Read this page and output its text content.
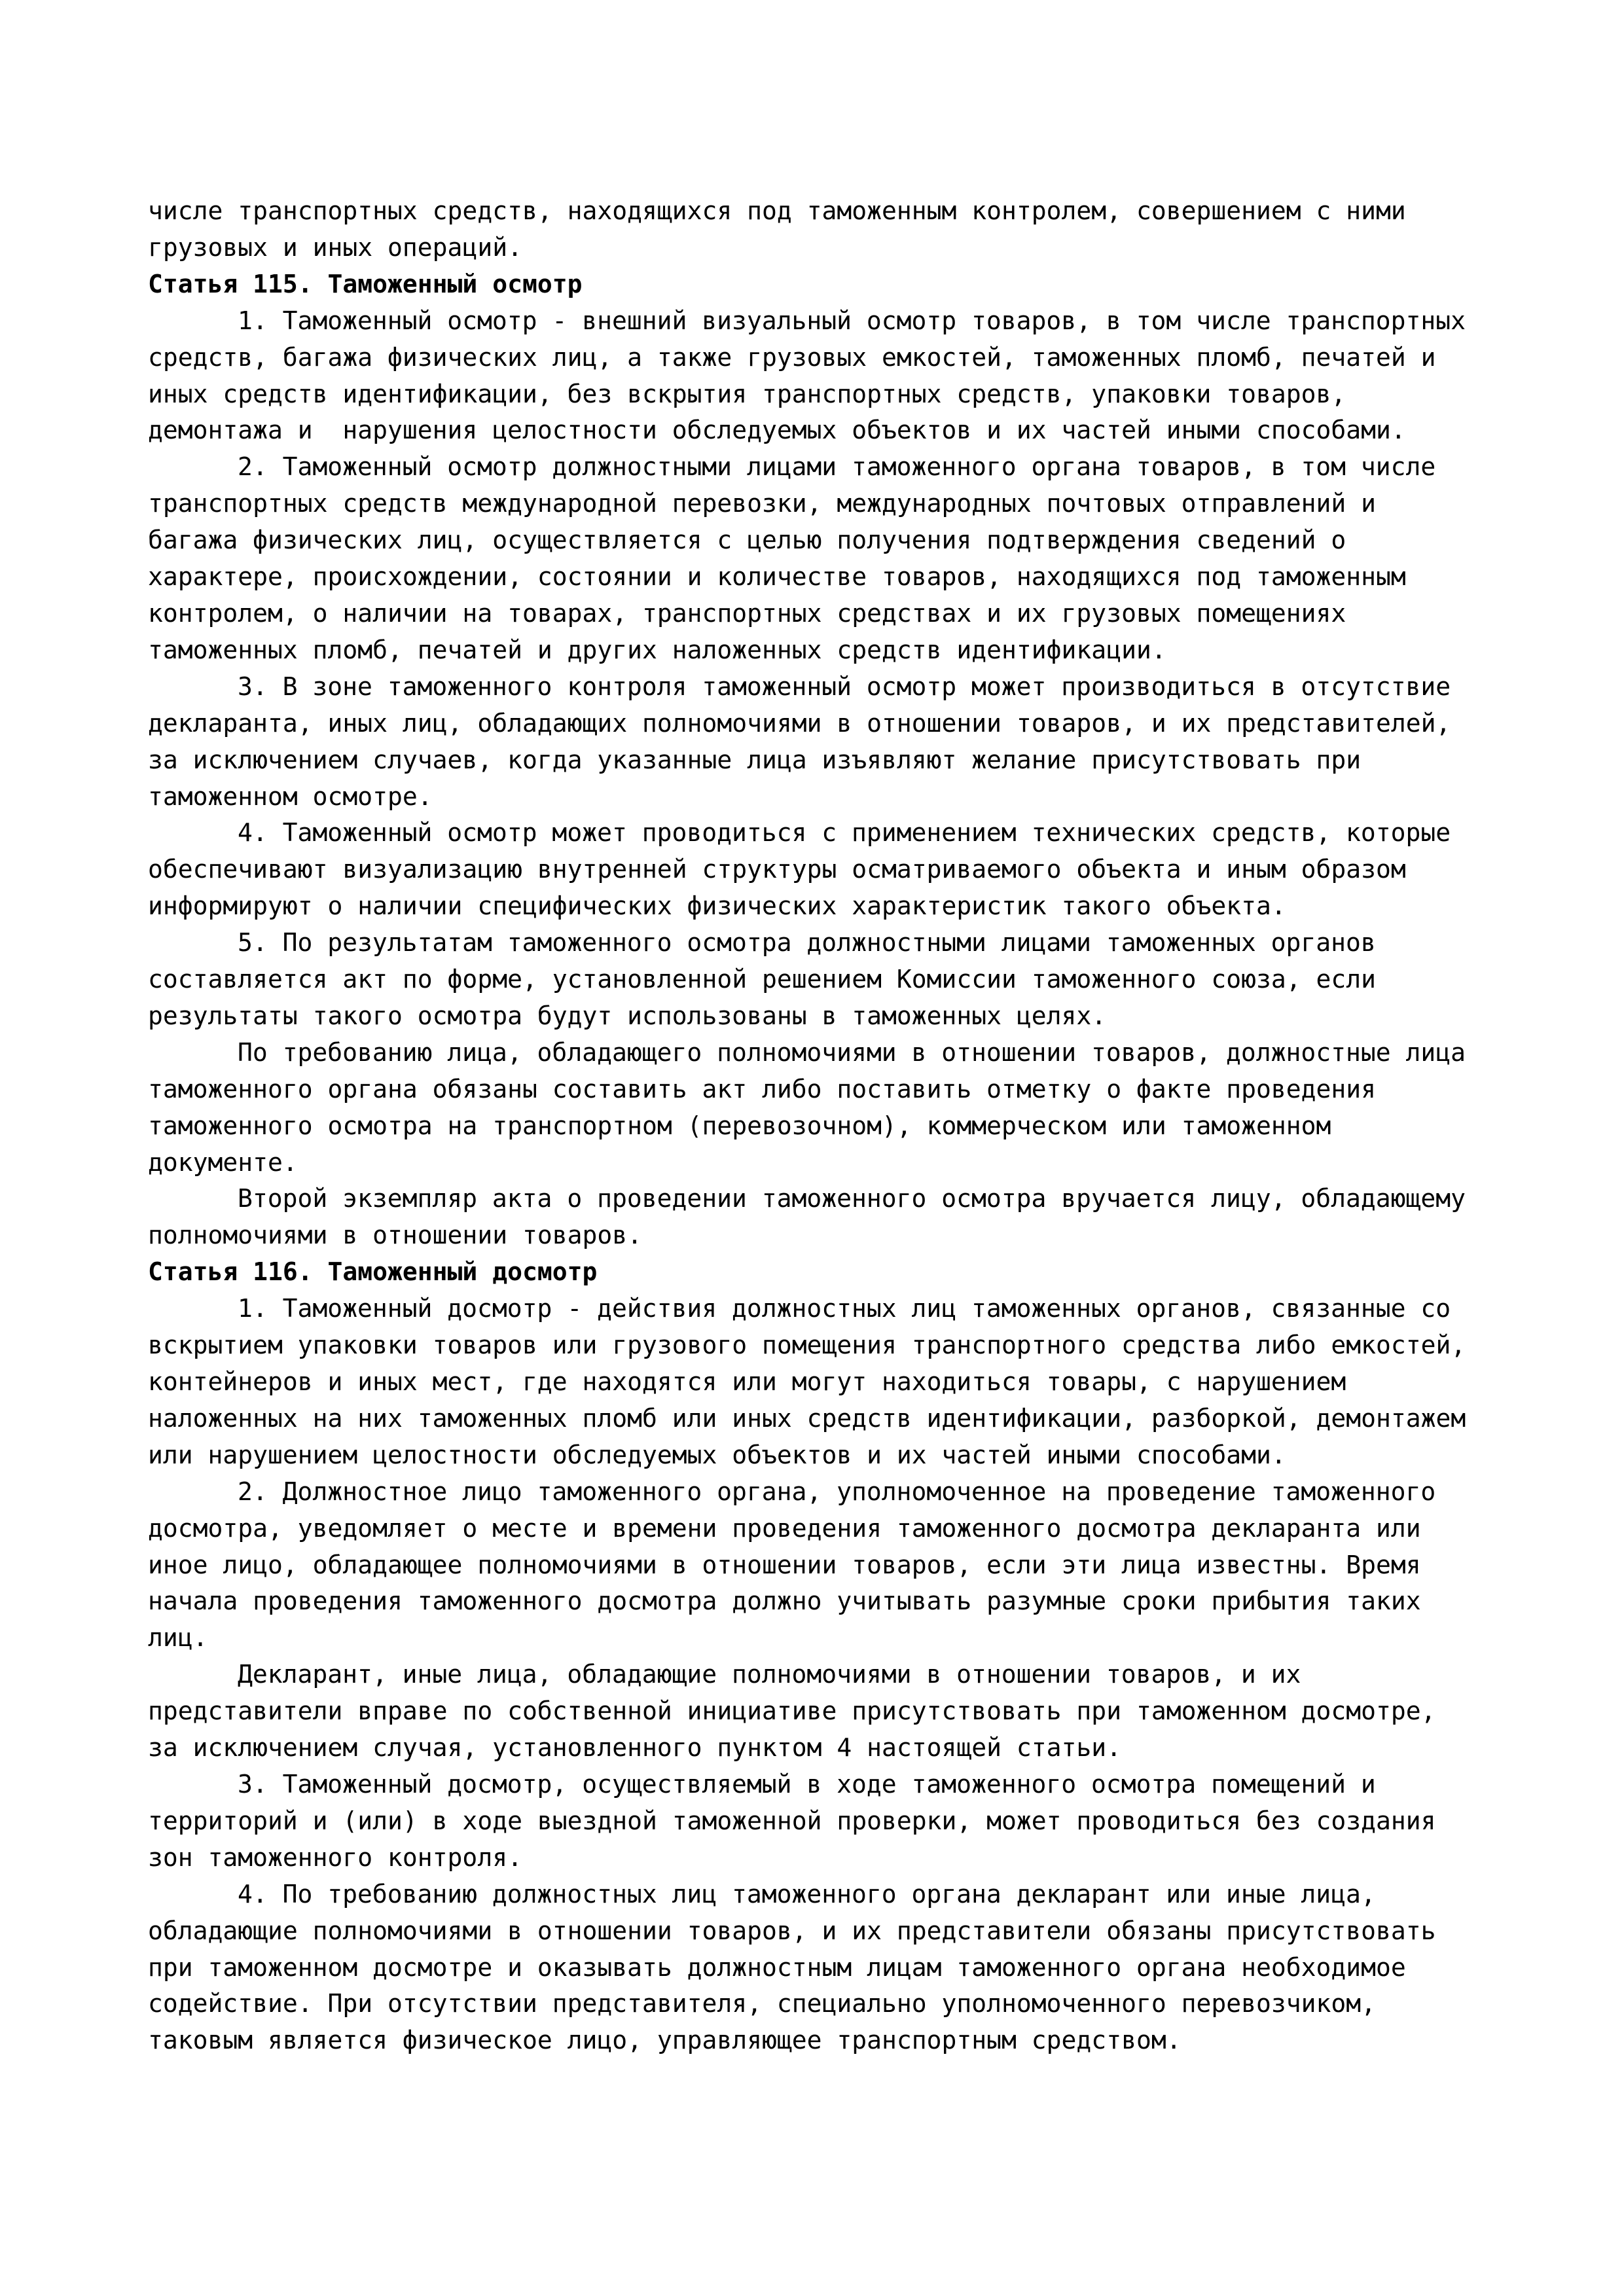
числе транспортных средств, находящихся под таможенным контролем, совершением с ними
грузовых и иных операций.
Статья 115. Таможенный осмотр
1. Таможенный осмотр - внешний визуальный осмотр товаров, в том числе транспортных
средств, багажа физических лиц, а также грузовых емкостей, таможенных пломб, печатей и
иных средств идентификации, без вскрытия транспортных средств, упаковки товаров,
демонтажа и  нарушения целостности обследуемых объектов и их частей иными способами.
2. Таможенный осмотр должностными лицами таможенного органа товаров, в том числе
транспортных средств международной перевозки, международных почтовых отправлений и
багажа физических лиц, осуществляется с целью получения подтверждения сведений о
характере, происхождении, состоянии и количестве товаров, находящихся под таможенным
контролем, о наличии на товарах, транспортных средствах и их грузовых помещениях
таможенных пломб, печатей и других наложенных средств идентификации.
3. В зоне таможенного контроля таможенный осмотр может производиться в отсутствие
декларанта, иных лиц, обладающих полномочиями в отношении товаров, и их представителей,
за исключением случаев, когда указанные лица изъявляют желание присутствовать при
таможенном осмотре.
4. Таможенный осмотр может проводиться с применением технических средств, которые
обеспечивают визуализацию внутренней структуры осматриваемого объекта и иным образом
информируют о наличии специфических физических характеристик такого объекта.
5. По результатам таможенного осмотра должностными лицами таможенных органов
составляется акт по форме, установленной решением Комиссии таможенного союза, если
результаты такого осмотра будут использованы в таможенных целях.
По требованию лица, обладающего полномочиями в отношении товаров, должностные лица
таможенного органа обязаны составить акт либо поставить отметку о факте проведения
таможенного осмотра на транспортном (перевозочном), коммерческом или таможенном
документе.
Второй экземпляр акта о проведении таможенного осмотра вручается лицу, обладающему
полномочиями в отношении товаров.
Статья 116. Таможенный досмотр
1. Таможенный досмотр - действия должностных лиц таможенных органов, связанные со
вскрытием упаковки товаров или грузового помещения транспортного средства либо емкостей,
контейнеров и иных мест, где находятся или могут находиться товары, с нарушением
наложенных на них таможенных пломб или иных средств идентификации, разборкой, демонтажем
или нарушением целостности обследуемых объектов и их частей иными способами.
2. Должностное лицо таможенного органа, уполномоченное на проведение таможенного
досмотра, уведомляет о месте и времени проведения таможенного досмотра декларанта или
иное лицо, обладающее полномочиями в отношении товаров, если эти лица известны. Время
начала проведения таможенного досмотра должно учитывать разумные сроки прибытия таких
лиц.
Декларант, иные лица, обладающие полномочиями в отношении товаров, и их
представители вправе по собственной инициативе присутствовать при таможенном досмотре,
за исключением случая, установленного пунктом 4 настоящей статьи.
3. Таможенный досмотр, осуществляемый в ходе таможенного осмотра помещений и
территорий и (или) в ходе выездной таможенной проверки, может проводиться без создания
зон таможенного контроля.
4. По требованию должностных лиц таможенного органа декларант или иные лица,
обладающие полномочиями в отношении товаров, и их представители обязаны присутствовать
при таможенном досмотре и оказывать должностным лицам таможенного органа необходимое
содействие. При отсутствии представителя, специально уполномоченного перевозчиком,
таковым является физическое лицо, управляющее транспортным средством.
